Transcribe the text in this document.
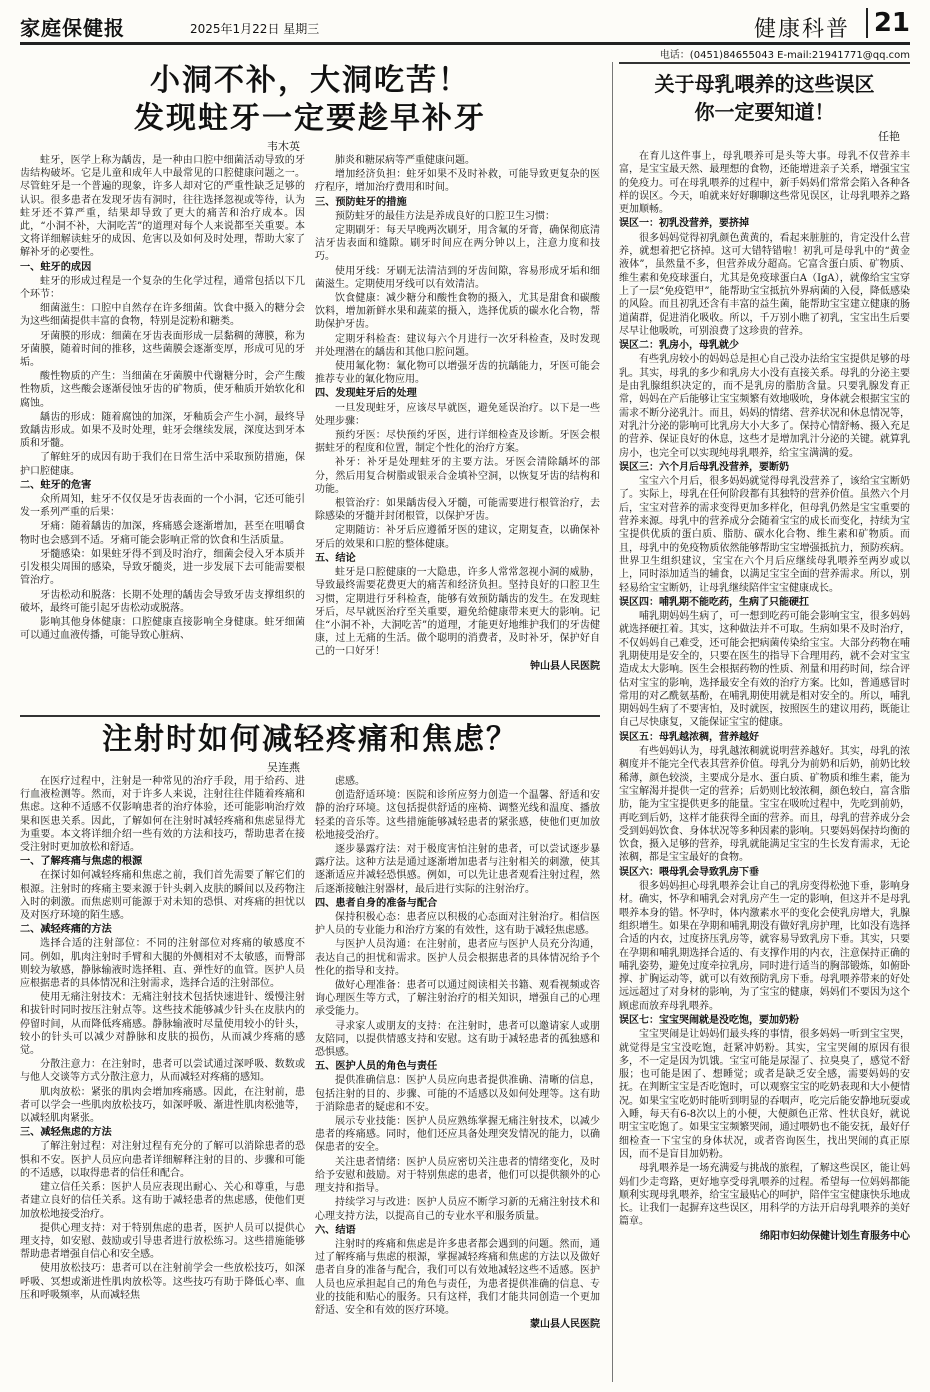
家庭保健报	2025年1月22日 星期三	健康科普 21
电话：(0451)84655043 E-mail:21941771@qq.com
小洞不补，大洞吃苦！
发现蛀牙一定要趁早补牙
韦木英

蛀牙，医学上称为龋齿，是一种由口腔中细菌活动导致的牙齿结构破坏。它是儿童和成年人中最常见的口腔健康问题之一。尽管蛀牙是一个普遍的现象，许多人却对它的严重性缺乏足够的认识。很多患者在发现牙齿有洞时，往往选择忽视或等待，认为蛀牙还不算严重，结果却导致了更大的痛苦和治疗成本。因此，“小洞不补，大洞吃苦”的道理对每个人来说都至关重要。本文将详细解读蛀牙的成因、危害以及如何及时处理，帮助大家了解补牙的必要性。

一、蛀牙的成因

蛀牙的形成过程是一个复杂的生化学过程，通常包括以下几个环节：

细菌滋生：口腔中自然存在许多细菌。饮食中摄入的糖分会为这些细菌提供丰富的食物，特别是淀粉和糖类。

牙菌膜的形成：细菌在牙齿表面形成一层黏稠的薄膜，称为牙菌膜，随着时间的推移，这些菌膜会逐渐变厚，形成可见的牙垢。

酸性物质的产生：当细菌在牙菌膜中代谢糖分时，会产生酸性物质，这些酸会逐渐侵蚀牙齿的矿物质，使牙釉质开始软化和腐蚀。

龋齿的形成：随着腐蚀的加深，牙釉质会产生小洞，最终导致龋齿形成。如果不及时处理，蛀牙会继续发展，深度达到牙本质和牙髓。

了解蛀牙的成因有助于我们在日常生活中采取预防措施，保护口腔健康。

二、蛀牙的危害

众所周知，蛀牙不仅仅是牙齿表面的一个小洞，它还可能引发一系列严重的后果：

牙痛：随着龋齿的加深，疼痛感会逐渐增加，甚至在咀嚼食物时也会感到不适。牙痛可能会影响正常的饮食和生活质量。

牙髓感染：如果蛀牙得不到及时治疗，细菌会侵入牙本质并引发根尖周围的感染，导致牙髓炎，进一步发展下去可能需要根管治疗。

牙齿松动和脱落：长期不处理的龋齿会导致牙齿支撑组织的破坏，最终可能引起牙齿松动或脱落。

影响其他身体健康：口腔健康直接影响全身健康。蛀牙细菌可以通过血液传播，可能导致心脏病、

肺炎和糖尿病等严重健康问题。

增加经济负担：蛀牙如果不及时补救，可能导致更复杂的医疗程序，增加治疗费用和时间。

三、预防蛀牙的措施

预防蛀牙的最佳方法是养成良好的口腔卫生习惯：

定期刷牙：每天早晚两次刷牙，用含氟的牙膏，确保彻底清洁牙齿表面和缝隙。刷牙时间应在两分钟以上，注意力度和技巧。

使用牙线：牙刷无法清洁到的牙齿间隙，容易形成牙垢和细菌滋生。定期使用牙线可以有效清洁。

饮食健康：减少糖分和酸性食物的摄入，尤其是甜食和碳酸饮料，增加新鲜水果和蔬菜的摄入，选择优质的碳水化合物，帮助保护牙齿。

定期牙科检查：建议每六个月进行一次牙科检查，及时发现并处理潜在的龋齿和其他口腔问题。

使用氟化物：氟化物可以增强牙齿的抗龋能力，牙医可能会推荐专业的氟化物应用。

四、发现蛀牙后的处理

一旦发现蛀牙，应该尽早就医，避免延误治疗。以下是一些处理步骤：

预约牙医：尽快预约牙医，进行详细检查及诊断。牙医会根据蛀牙的程度和位置，制定个性化的治疗方案。

补牙：补牙是处理蛀牙的主要方法。牙医会清除龋坏的部分，然后用复合树脂或银汞合金填补空洞，以恢复牙齿的结构和功能。

根管治疗：如果龋齿侵入牙髓，可能需要进行根管治疗，去除感染的牙髓并封闭根管，以保护牙齿。

定期随访：补牙后应遵循牙医的建议，定期复查，以确保补牙后的效果和口腔的整体健康。

五、结论

蛀牙是口腔健康的一大隐患，许多人常常忽视小洞的威胁，导致最终需要花费更大的痛苦和经济负担。坚持良好的口腔卫生习惯，定期进行牙科检查，能够有效预防龋齿的发生。在发现蛀牙后，尽早就医治疗至关重要，避免给健康带来更大的影响。记住“小洞不补，大洞吃苦”的道理，才能更好地维护我们的牙齿健康，过上无痛的生活。做个聪明的消费者，及时补牙，保护好自己的一口好牙！

钟山县人民医院
注射时如何减轻疼痛和焦虑？
吴连燕

在医疗过程中，注射是一种常见的治疗手段，用于给药、进行血液检测等。然而，对于许多人来说，注射往往伴随着疼痛和焦虑。这种不适感不仅影响患者的治疗体验，还可能影响治疗效果和医患关系。因此，了解如何在注射时减轻疼痛和焦虑显得尤为重要。本文将详细介绍一些有效的方法和技巧，帮助患者在接受注射时更加放松和舒适。

一、了解疼痛与焦虑的根源

在探讨如何减轻疼痛和焦虑之前，我们首先需要了解它们的根源。注射时的疼痛主要来源于针头刺入皮肤的瞬间以及药物注入时的刺激。而焦虑则可能源于对未知的恐惧、对疼痛的担忧以及对医疗环境的陌生感。

二、减轻疼痛的方法

选择合适的注射部位：不同的注射部位对疼痛的敏感度不同。例如，肌肉注射时手臂和大腿的外侧相对不太敏感，而臀部则较为敏感，静脉输液时选择粗、直、弹性好的血管。医护人员应根据患者的具体情况和注射需求，选择合适的注射部位。

使用无痛注射技术：无痛注射技术包括快速进针、缓慢注射和拔针时同时按压注射点等。这些技术能够减少针头在皮肤内的停留时间，从而降低疼痛感。静脉输液时尽量使用较小的针头，较小的针头可以减少对静脉和皮肤的损伤，从而减少疼痛的感觉。

分散注意力：在注射时，患者可以尝试通过深呼吸、数数或与他人交谈等方式分散注意力，从而减轻对疼痛的感知。

肌肉放松：紧张的肌肉会增加疼痛感。因此，在注射前，患者可以学会一些肌肉放松技巧，如深呼吸、渐进性肌肉松弛等，以减轻肌肉紧张。

三、减轻焦虑的方法

了解注射过程：对注射过程有充分的了解可以消除患者的恐惧和不安。医护人员应向患者详细解释注射的目的、步骤和可能的不适感，以取得患者的信任和配合。

建立信任关系：医护人员应表现出耐心、关心和尊重，与患者建立良好的信任关系。这有助于减轻患者的焦虑感，使他们更加放松地接受治疗。

提供心理支持：对于特别焦虑的患者，医护人员可以提供心理支持，如安慰、鼓励或引导患者进行放松练习。这些措施能够帮助患者增强自信心和安全感。

使用放松技巧：患者可以在注射前学会一些放松技巧，如深呼吸、冥想或渐进性肌肉放松等。这些技巧有助于降低心率、血压和呼吸频率，从而减轻焦

虑感。

创造舒适环境：医院和诊所应努力创造一个温馨、舒适和安静的治疗环境。这包括提供舒适的座椅、调整光线和温度、播放轻柔的音乐等。这些措施能够减轻患者的紧张感，使他们更加放松地接受治疗。

逐步暴露疗法：对于极度害怕注射的患者，可以尝试逐步暴露疗法。这种方法是通过逐渐增加患者与注射相关的刺激，使其逐渐适应并减轻恐惧感。例如，可以先让患者观看注射过程，然后逐渐接触注射器材，最后进行实际的注射治疗。

四、患者自身的准备与配合

保持积极心态：患者应以积极的心态面对注射治疗。相信医护人员的专业能力和治疗方案的有效性，这有助于减轻焦虑感。

与医护人员沟通：在注射前，患者应与医护人员充分沟通，表达自己的担忧和需求。医护人员会根据患者的具体情况给予个性化的指导和支持。

做好心理准备：患者可以通过阅读相关书籍、观看视频或咨询心理医生等方式，了解注射治疗的相关知识，增强自己的心理承受能力。

寻求家人或朋友的支持：在注射时，患者可以邀请家人或朋友陪同，以提供情感支持和安慰。这有助于减轻患者的孤独感和恐惧感。

五、医护人员的角色与责任

提供准确信息：医护人员应向患者提供准确、清晰的信息，包括注射的目的、步骤、可能的不适感以及如何处理等。这有助于消除患者的疑虑和不安。

展示专业技能：医护人员应熟练掌握无痛注射技术，以减少患者的疼痛感。同时，他们还应具备处理突发情况的能力，以确保患者的安全。

关注患者情绪：医护人员应密切关注患者的情绪变化，及时给予安慰和鼓励。对于特别焦虑的患者，他们可以提供额外的心理支持和指导。

持续学习与改进：医护人员应不断学习新的无痛注射技术和心理支持方法，以提高自己的专业水平和服务质量。

六、结语

注射时的疼痛和焦虑是许多患者都会遇到的问题。然而，通过了解疼痛与焦虑的根源，掌握减轻疼痛和焦虑的方法以及做好患者自身的准备与配合，我们可以有效地减轻这些不适感。医护人员也应承担起自己的角色与责任，为患者提供准确的信息、专业的技能和贴心的服务。只有这样，我们才能共同创造一个更加舒适、安全和有效的医疗环境。

蒙山县人民医院
关于母乳喂养的这些误区
你一定要知道！
任艳

在育儿这件事上，母乳喂养可是头等大事。母乳不仅营养丰富，是宝宝最天然、最理想的食物，还能增进亲子关系，增强宝宝的免疫力。可在母乳喂养的过程中，新手妈妈们常常会陷入各种各样的误区。今天，咱就来好好聊聊这些常见误区，让母乳喂养之路更加顺畅。

误区一：初乳没营养，要挤掉

很多妈妈觉得初乳颜色黄黄的，看起来脏脏的，肯定没什么营养，就想着把它挤掉。这可大错特错啦！初乳可是母乳中的“黄金液体”，虽然量不多，但营养成分超高。它富含蛋白质、矿物质、维生素和免疫球蛋白，尤其是免疫球蛋白A（IgA），就像给宝宝穿上了一层“免疫铠甲”，能帮助宝宝抵抗外界病菌的入侵，降低感染的风险。而且初乳还含有丰富的益生菌，能帮助宝宝建立健康的肠道菌群，促进消化吸收。所以，千万别小瞧了初乳，宝宝出生后要尽早让他吸吮，可别浪费了这珍贵的营养。

误区二：乳房小，母乳就少

有些乳房较小的妈妈总是担心自己没办法给宝宝提供足够的母乳。其实，母乳的多少和乳房大小没有直接关系。母乳的分泌主要是由乳腺组织决定的，而不是乳房的脂肪含量。只要乳腺发育正常，妈妈在产后能够让宝宝频繁有效地吸吮，身体就会根据宝宝的需求不断分泌乳汁。而且，妈妈的情绪、营养状况和休息情况等，对乳汁分泌的影响可比乳房大小大多了。保持心情舒畅、摄入充足的营养、保证良好的休息，这些才是增加乳汁分泌的关键。就算乳房小，也完全可以实现纯母乳喂养，给宝宝满满的爱。

误区三：六个月后母乳没营养，要断奶

宝宝六个月后，很多妈妈就觉得母乳没营养了，该给宝宝断奶了。实际上，母乳在任何阶段都有其独特的营养价值。虽然六个月后，宝宝对营养的需求变得更加多样化，但母乳仍然是宝宝重要的营养来源。母乳中的营养成分会随着宝宝的成长而变化，持续为宝宝提供优质的蛋白质、脂肪、碳水化合物、维生素和矿物质。而且，母乳中的免疫物质依然能够帮助宝宝增强抵抗力，预防疾病。世界卫生组织建议，宝宝在六个月后应继续母乳喂养至两岁或以上，同时添加适当的辅食，以满足宝宝全面的营养需求。所以，别轻易给宝宝断奶，让母乳继续陪伴宝宝健康成长。

误区四：哺乳期不能吃药，生病了只能硬扛

哺乳期妈妈生病了，可一想到吃药可能会影响宝宝，很多妈妈就选择硬扛着。其实，这种做法并不可取。生病如果不及时治疗，不仅妈妈自己难受，还可能会把病菌传染给宝宝。大部分药物在哺乳期使用是安全的，只要在医生的指导下合理用药，就不会对宝宝造成太大影响。医生会根据药物的性质、剂量和用药时间，综合评估对宝宝的影响，选择最安全有效的治疗方案。比如，普通感冒时常用的对乙酰氨基酚，在哺乳期使用就是相对安全的。所以，哺乳期妈妈生病了不要害怕，及时就医，按照医生的建议用药，既能让自己尽快康复，又能保证宝宝的健康。

误区五：母乳越浓稠，营养越好

有些妈妈认为，母乳越浓稠就说明营养越好。其实，母乳的浓稠度并不能完全代表其营养价值。母乳分为前奶和后奶，前奶比较稀薄，颜色较淡，主要成分是水、蛋白质、矿物质和维生素，能为宝宝解渴并提供一定的营养；后奶则比较浓稠，颜色较白，富含脂肪，能为宝宝提供更多的能量。宝宝在吸吮过程中，先吃到前奶，再吃到后奶，这样才能获得全面的营养。而且，母乳的营养成分会受到妈妈饮食、身体状况等多种因素的影响。只要妈妈保持均衡的饮食，摄入足够的营养，母乳就能满足宝宝的生长发育需求，无论浓稠，都是宝宝最好的食物。

误区六：喂母乳会导致乳房下垂

很多妈妈担心母乳喂养会让自己的乳房变得松弛下垂，影响身材。确实，怀孕和哺乳会对乳房产生一定的影响，但这并不是母乳喂养本身的错。怀孕时，体内激素水平的变化会使乳房增大，乳腺组织增生。如果在孕期和哺乳期没有做好乳房护理，比如没有选择合适的内衣，过度挤压乳房等，就容易导致乳房下垂。其实，只要在孕期和哺乳期选择合适的、有支撑作用的内衣，注意保持正确的哺乳姿势，避免过度牵拉乳房，同时进行适当的胸部锻炼，如俯卧撑、扩胸运动等，就可以有效预防乳房下垂。母乳喂养带来的好处远远超过了对身材的影响，为了宝宝的健康，妈妈们不要因为这个顾虑而放弃母乳喂养。

误区七：宝宝哭闹就是没吃饱，要加奶粉

宝宝哭闹是让妈妈们最头疼的事情，很多妈妈一听到宝宝哭，就觉得是宝宝没吃饱，赶紧冲奶粉。其实，宝宝哭闹的原因有很多，不一定是因为饥饿。宝宝可能是尿湿了、拉臭臭了，感觉不舒服；也可能是困了、想睡觉；或者是缺乏安全感，需要妈妈的安抚。在判断宝宝是否吃饱时，可以观察宝宝的吃奶表现和大小便情况。如果宝宝吃奶时能听到明显的吞咽声，吃完后能安静地玩耍或入睡，每天有6-8次以上的小便，大便颜色正常、性状良好，就说明宝宝吃饱了。如果宝宝频繁哭闹，通过喂奶也不能安抚，最好仔细检查一下宝宝的身体状况，或者咨询医生，找出哭闹的真正原因，而不是盲目加奶粉。

母乳喂养是一场充满爱与挑战的旅程，了解这些误区，能让妈妈们少走弯路，更好地享受母乳喂养的过程。希望每一位妈妈都能顺利实现母乳喂养，给宝宝最贴心的呵护，陪伴宝宝健康快乐地成长。让我们一起摒弃这些误区，用科学的方法开启母乳喂养的美好篇章。

绵阳市妇幼保健计划生育服务中心
